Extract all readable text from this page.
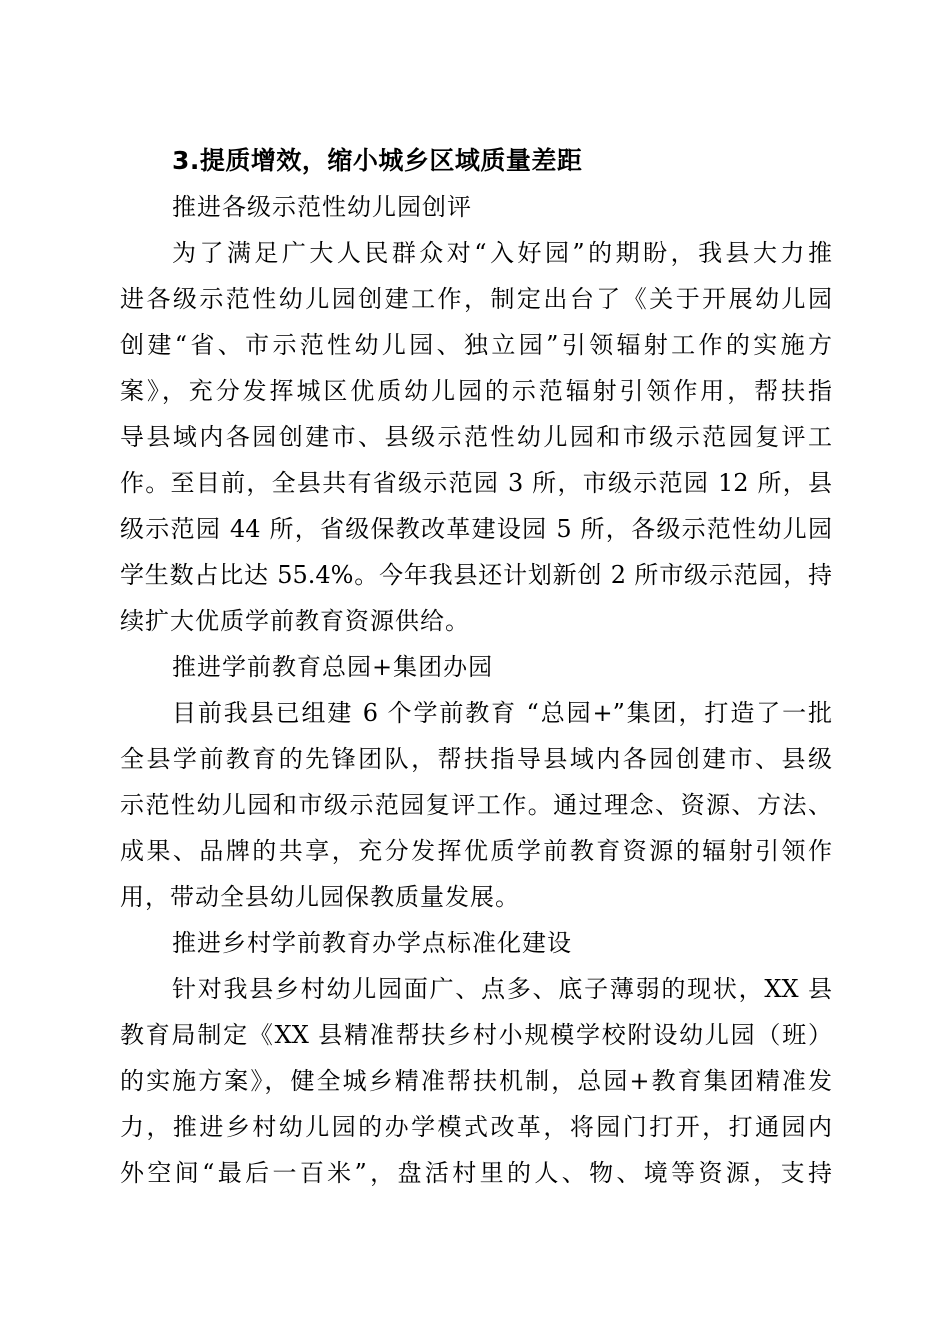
3.提质增效，缩小城乡区域质量差距
推进各级示范性幼儿园创评
为了满足广大人民群众对“入好园”的期盼，我县大力推
进各级示范性幼儿园创建工作，制定出台了《关于开展幼儿园
创建“省、市示范性幼儿园、独立园”引领辐射工作的实施方
案》，充分发挥城区优质幼儿园的示范辐射引领作用，帮扶指
导县域内各园创建市、县级示范性幼儿园和市级示范园复评工
作。至目前，全县共有省级示范园 3 所，市级示范园 12 所，县
级示范园 44 所，省级保教改革建设园 5 所，各级示范性幼儿园
学生数占比达 55.4%。今年我县还计划新创 2 所市级示范园，持
续扩大优质学前教育资源供给。
推进学前教育总园+集团办园
目前我县已组建 6 个学前教育 “总园+”集团，打造了一批
全县学前教育的先锋团队，帮扶指导县域内各园创建市、县级
示范性幼儿园和市级示范园复评工作。通过理念、资源、方法、
成果、品牌的共享，充分发挥优质学前教育资源的辐射引领作
用，带动全县幼儿园保教质量发展。
推进乡村学前教育办学点标准化建设
针对我县乡村幼儿园面广、点多、底子薄弱的现状，XX 县
教育局制定《XX 县精准帮扶乡村小规模学校附设幼儿园（班）
的实施方案》，健全城乡精准帮扶机制，总园+教育集团精准发
力，推进乡村幼儿园的办学模式改革，将园门打开，打通园内
外空间“最后一百米”，盘活村里的人、物、境等资源，支持
